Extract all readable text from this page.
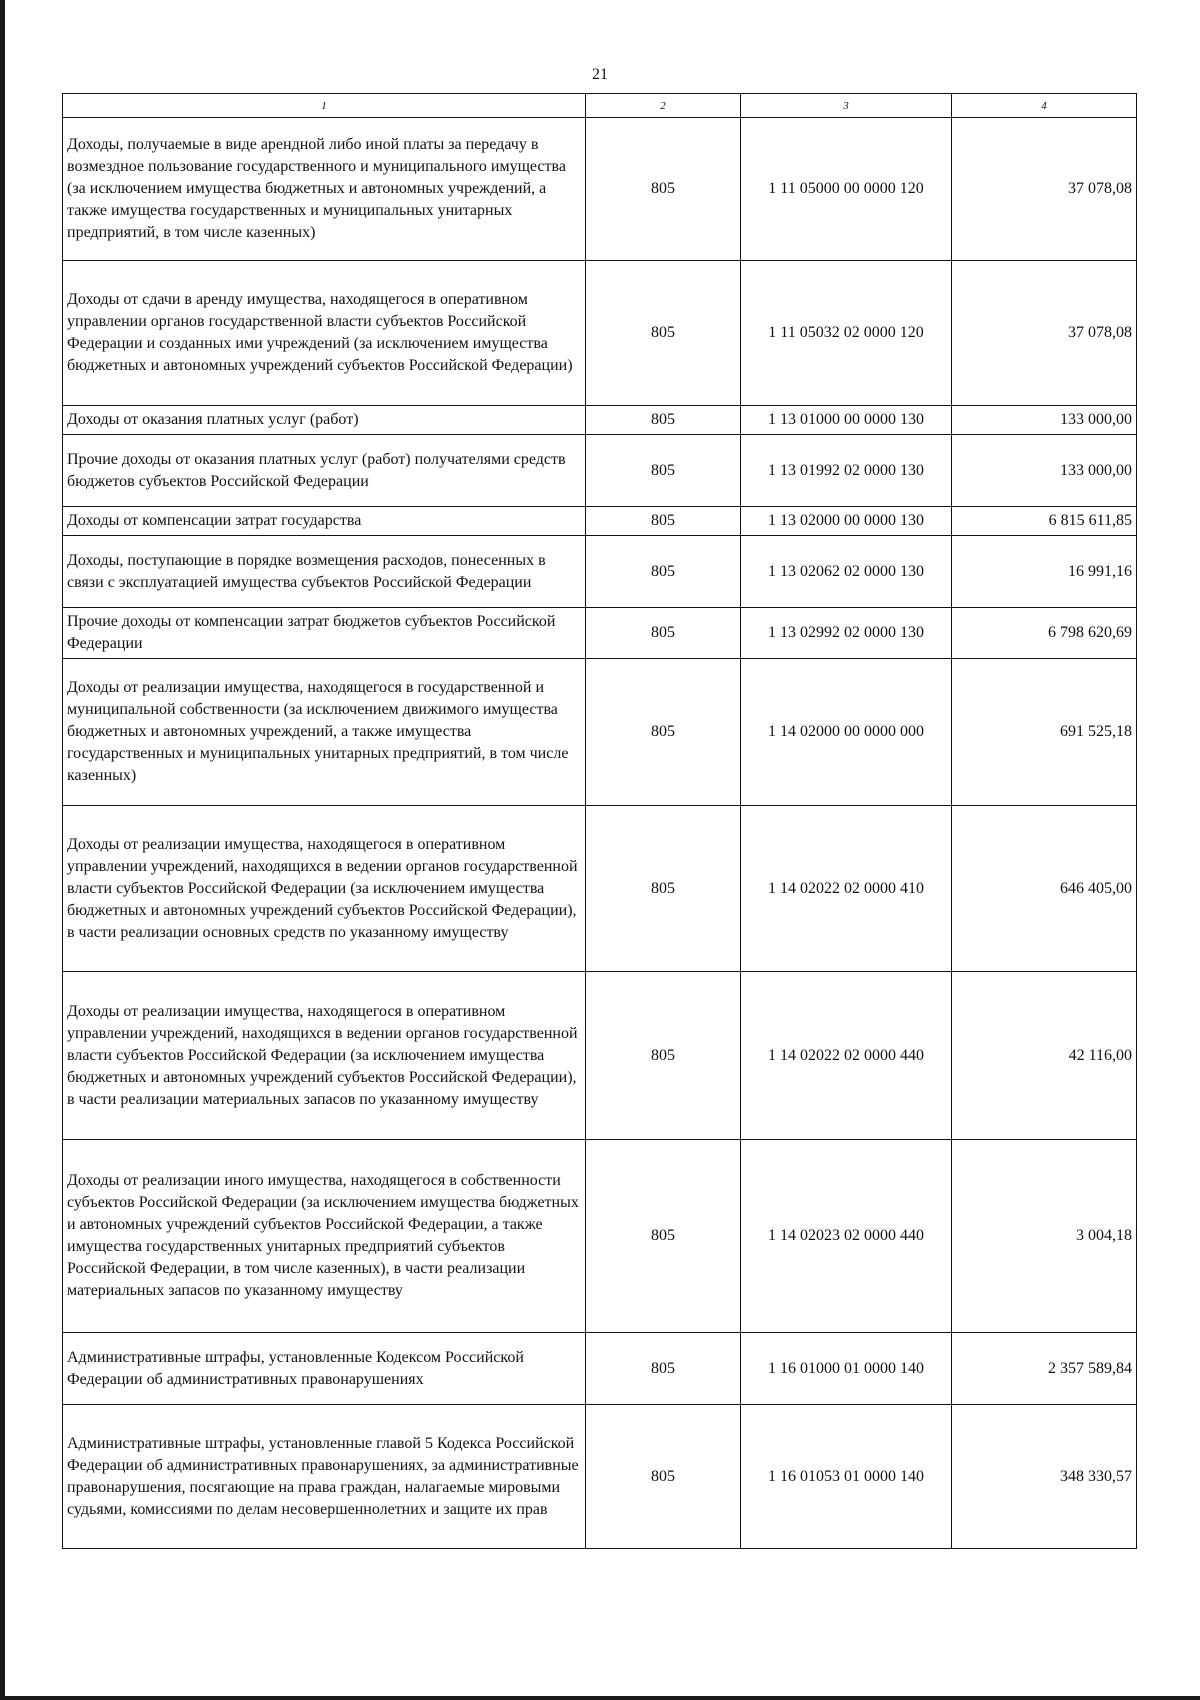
21
1	2	3	4
Доходы, получаемые в виде арендной либо иной платы за передачу в возмездное пользование государственного и муниципального имущества (за исключением имущества бюджетных и автономных учреждений, а также имущества государственных и муниципальных унитарных предприятий, в том числе казенных)	805	1 11 05000 00 0000 120	37 078,08
Доходы от сдачи в аренду имущества, находящегося в оперативном управлении органов государственной власти субъектов Российской Федерации и созданных ими учреждений (за исключением имущества бюджетных и автономных учреждений субъектов Российской Федерации)	805	1 11 05032 02 0000 120	37 078,08
Доходы от оказания платных услуг (работ)	805	1 13 01000 00 0000 130	133 000,00
Прочие доходы от оказания платных услуг (работ) получателями средств бюджетов субъектов Российской Федерации	805	1 13 01992 02 0000 130	133 000,00
Доходы от компенсации затрат государства	805	1 13 02000 00 0000 130	6 815 611,85
Доходы, поступающие в порядке возмещения расходов, понесенных в связи с эксплуатацией имущества субъектов Российской Федерации	805	1 13 02062 02 0000 130	16 991,16
Прочие доходы от компенсации затрат бюджетов субъектов Российской Федерации	805	1 13 02992 02 0000 130	6 798 620,69
Доходы от реализации имущества, находящегося в государственной и муниципальной собственности (за исключением движимого имущества бюджетных и автономных учреждений, а также имущества государственных и муниципальных унитарных предприятий, в том числе казенных)	805	1 14 02000 00 0000 000	691 525,18
Доходы от реализации имущества, находящегося в оперативном управлении учреждений, находящихся в ведении органов государственной власти субъектов Российской Федерации (за исключением имущества бюджетных и автономных учреждений субъектов Российской Федерации), в части реализации основных средств по указанному имуществу	805	1 14 02022 02 0000 410	646 405,00
Доходы от реализации имущества, находящегося в оперативном управлении учреждений, находящихся в ведении органов государственной власти субъектов Российской Федерации (за исключением имущества бюджетных и автономных учреждений субъектов Российской Федерации), в части реализации материальных запасов по указанному имуществу	805	1 14 02022 02 0000 440	42 116,00
Доходы от реализации иного имущества, находящегося в собственности субъектов Российской Федерации (за исключением имущества бюджетных и автономных учреждений субъектов Российской Федерации, а также имущества государственных унитарных предприятий субъектов Российской Федерации, в том числе казенных), в части реализации материальных запасов по указанному имуществу	805	1 14 02023 02 0000 440	3 004,18
Административные штрафы, установленные Кодексом Российской Федерации об административных правонарушениях	805	1 16 01000 01 0000 140	2 357 589,84
Административные штрафы, установленные главой 5 Кодекса Российской Федерации об административных правонарушениях, за административные правонарушения, посягающие на права граждан, налагаемые мировыми судьями, комиссиями по делам несовершеннолетних и защите их прав	805	1 16 01053 01 0000 140	348 330,57
